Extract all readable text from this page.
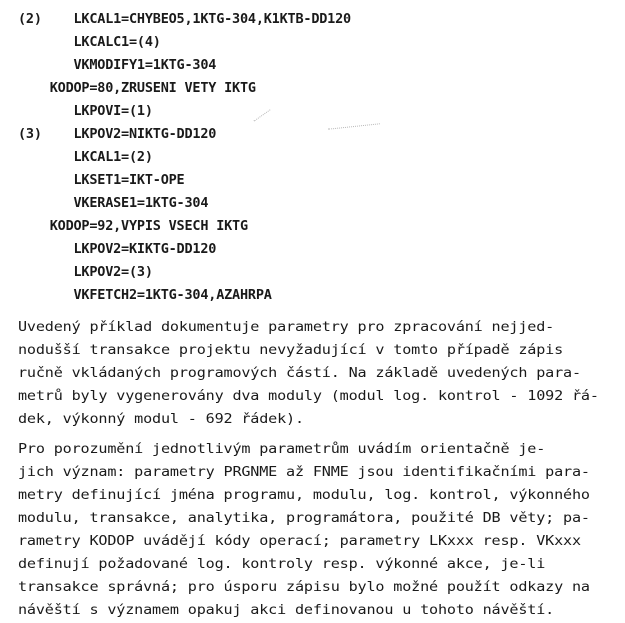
(2)    LKCAL1=CHYBEO5,1KTG-304,K1KTB-DD120
LKCALC1=(4)
VKMODIFY1=1KTG-304
KODOP=80,ZRUSENI VETY IKTG
LKPOVI=(1)
(3)    LKPOV2=NIKTG-DD120
LKCAL1=(2)
LKSET1=IKT-OPE
VKERASE1=1KTG-304
KODOP=92,VYPIS VSECH IKTG
LKPOV2=KIKTG-DD120
LKPOV2=(3)
VKFETCH2=1KTG-304,AZAHRPA
Uvedený příklad dokumentuje parametry pro zpracování nejjed-
nodušší transakce projektu nevyžadující v tomto případě zápis
ručně vkládaných programových částí. Na základě uvedených para-
metrů byly vygenerovány dva moduly (modul log. kontrol - 1092 řá-
dek, výkonný modul - 692 řádek).
Pro porozumění jednotlivým parametrům uvádím orientačně je-
jich význam: parametry PRGNME až FNME jsou identifikačními para-
metry definující jména programu, modulu, log. kontrol, výkonného
modulu, transakce, analytika, programátora, použité DB věty; pa-
rametry KODOP uvádějí kódy operací; parametry LKxxx resp. VKxxx
definují požadované log. kontroly resp. výkonné akce, je-li
transakce správná; pro úsporu zápisu bylo možné použít odkazy na
návěští s významem opakuj akci definovanou u tohoto návěští.
